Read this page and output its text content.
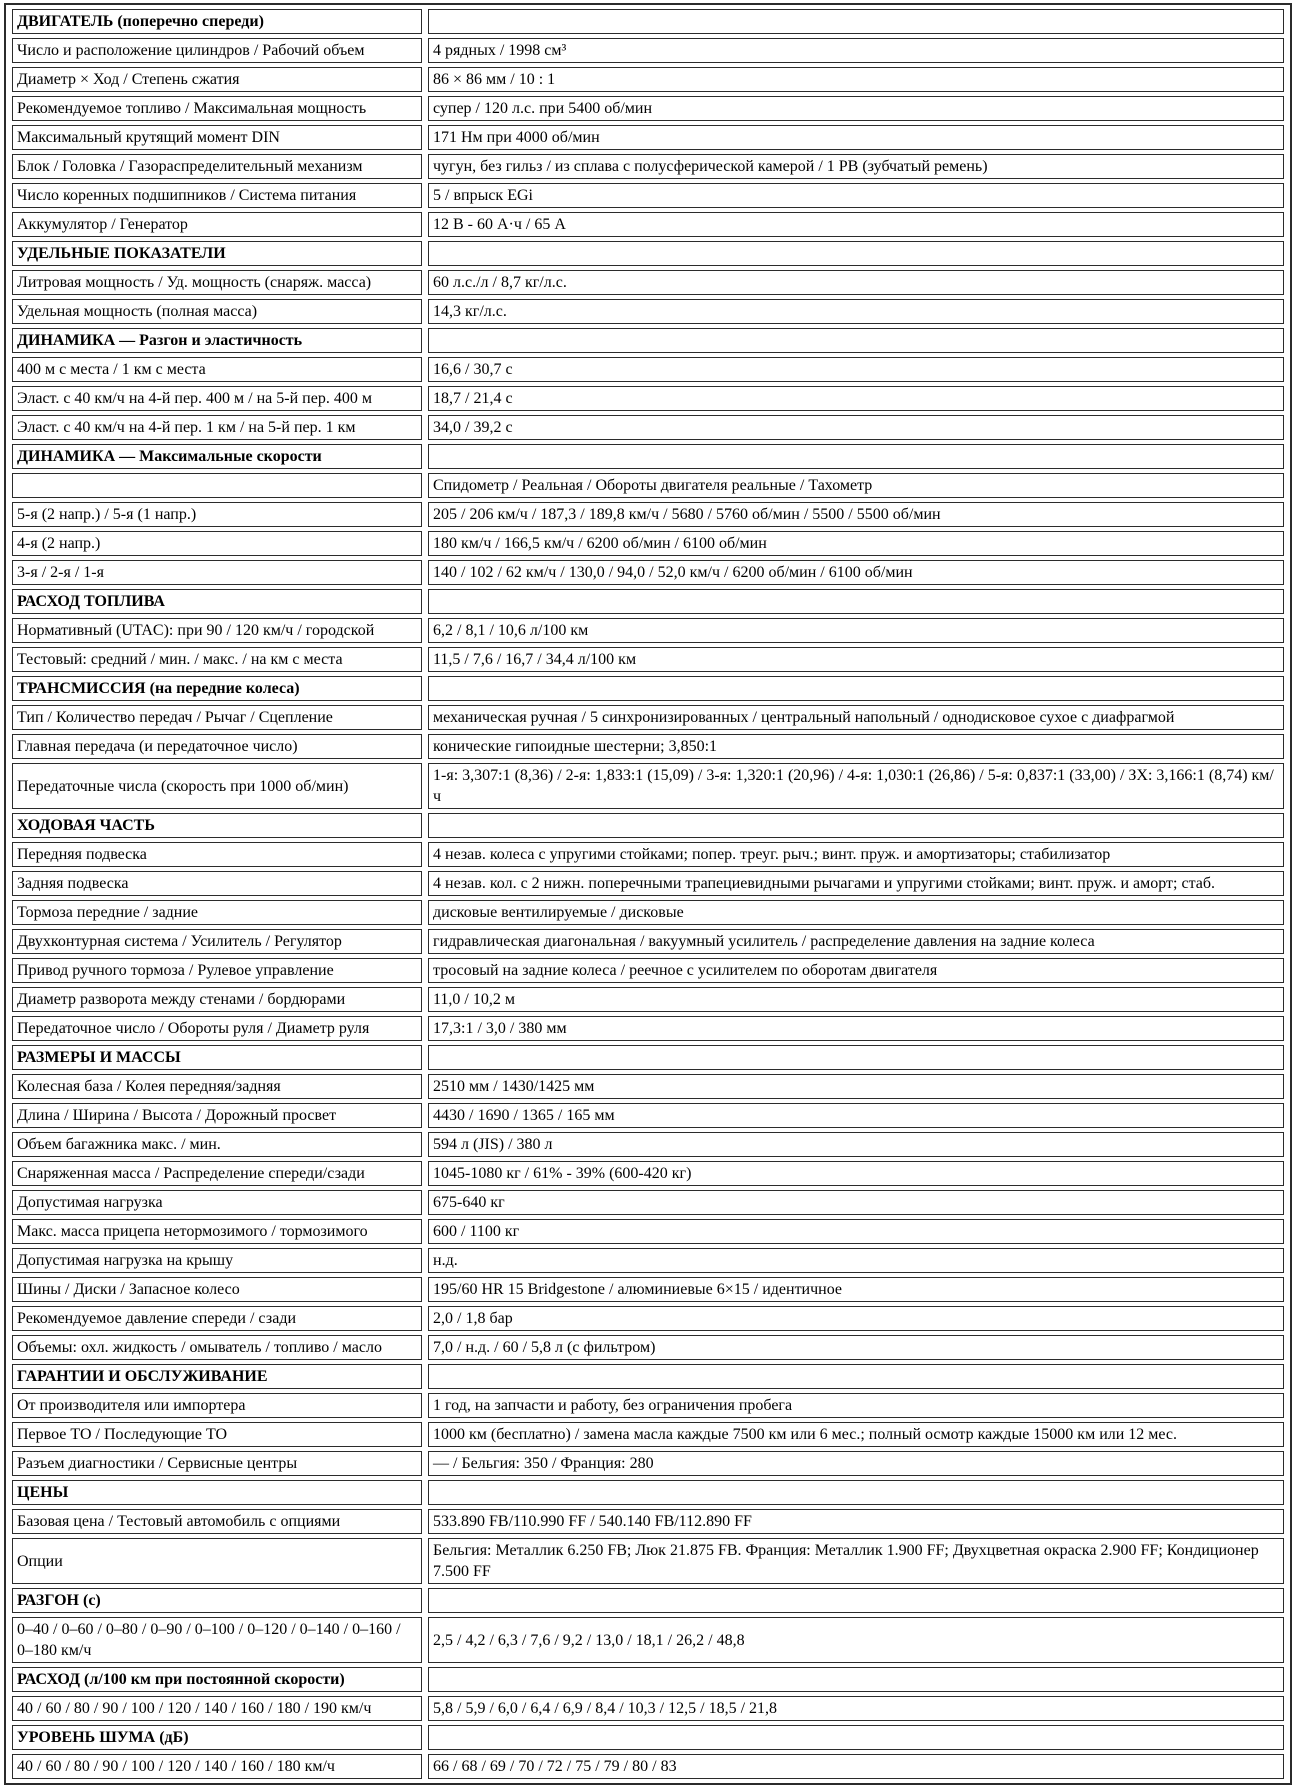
ДВИГАТЕЛЬ (поперечно спереди)	
Число и расположение цилиндров / Рабочий объем	4 рядных / 1998 см³
Диаметр × Ход / Степень сжатия	86 × 86 мм / 10 : 1
Рекомендуемое топливо / Максимальная мощность	супер / 120 л.с. при 5400 об/мин
Максимальный крутящий момент DIN	171 Нм при 4000 об/мин
Блок / Головка / Газораспределительный механизм	чугун, без гильз / из сплава с полусферической камерой / 1 РВ (зубчатый ремень)
Число коренных подшипников / Система питания	5 / впрыск EGi
Аккумулятор / Генератор	12 В - 60 А·ч / 65 А
УДЕЛЬНЫЕ ПОКАЗАТЕЛИ	
Литровая мощность / Уд. мощность (снаряж. масса)	60 л.с./л / 8,7 кг/л.с.
Удельная мощность (полная масса)	14,3 кг/л.с.
ДИНАМИКА — Разгон и эластичность	
400 м с места / 1 км с места	16,6 / 30,7 с
Эласт. с 40 км/ч на 4-й пер. 400 м / на 5-й пер. 400 м	18,7 / 21,4 с
Эласт. с 40 км/ч на 4-й пер. 1 км / на 5-й пер. 1 км	34,0 / 39,2 с
ДИНАМИКА — Максимальные скорости	
	Спидометр / Реальная / Обороты двигателя реальные / Тахометр
5-я (2 напр.) / 5-я (1 напр.)	205 / 206 км/ч / 187,3 / 189,8 км/ч / 5680 / 5760 об/мин / 5500 / 5500 об/мин
4-я (2 напр.)	180 км/ч / 166,5 км/ч / 6200 об/мин / 6100 об/мин
3-я / 2-я / 1-я	140 / 102 / 62 км/ч / 130,0 / 94,0 / 52,0 км/ч / 6200 об/мин / 6100 об/мин
РАСХОД ТОПЛИВА	
Нормативный (UTAC): при 90 / 120 км/ч / городской	6,2 / 8,1 / 10,6 л/100 км
Тестовый: средний / мин. / макс. / на км с места	11,5 / 7,6 / 16,7 / 34,4 л/100 км
ТРАНСМИССИЯ (на передние колеса)	
Тип / Количество передач / Рычаг / Сцепление	механическая ручная / 5 синхронизированных / центральный напольный / однодисковое сухое с диафрагмой
Главная передача (и передаточное число)	конические гипоидные шестерни; 3,850:1
Передаточные числа (скорость при 1000 об/мин)	1-я: 3,307:1 (8,36) / 2-я: 1,833:1 (15,09) / 3-я: 1,320:1 (20,96) / 4-я: 1,030:1 (26,86) / 5-я: 0,837:1 (33,00) / ЗХ: 3,166:1 (8,74) км/ч
ХОДОВАЯ ЧАСТЬ	
Передняя подвеска	4 незав. колеса с упругими стойками; попер. треуг. рыч.; винт. пруж. и амортизаторы; стабилизатор
Задняя подвеска	4 незав. кол. с 2 нижн. поперечными трапециевидными рычагами и упругими стойками; винт. пруж. и аморт; стаб.
Тормоза передние / задние	дисковые вентилируемые / дисковые
Двухконтурная система / Усилитель / Регулятор	гидравлическая диагональная / вакуумный усилитель / распределение давления на задние колеса
Привод ручного тормоза / Рулевое управление	тросовый на задние колеса / реечное с усилителем по оборотам двигателя
Диаметр разворота между стенами / бордюрами	11,0 / 10,2 м
Передаточное число / Обороты руля / Диаметр руля	17,3:1 / 3,0 / 380 мм
РАЗМЕРЫ И МАССЫ	
Колесная база / Колея передняя/задняя	2510 мм / 1430/1425 мм
Длина / Ширина / Высота / Дорожный просвет	4430 / 1690 / 1365 / 165 мм
Объем багажника макс. / мин.	594 л (JIS) / 380 л
Снаряженная масса / Распределение спереди/сзади	1045-1080 кг / 61% - 39% (600-420 кг)
Допустимая нагрузка	675-640 кг
Макс. масса прицепа нетормозимого / тормозимого	600 / 1100 кг
Допустимая нагрузка на крышу	н.д.
Шины / Диски / Запасное колесо	195/60 HR 15 Bridgestone / алюминиевые 6×15 / идентичное
Рекомендуемое давление спереди / сзади	2,0 / 1,8 бар
Объемы: охл. жидкость / омыватель / топливо / масло	7,0 / н.д. / 60 / 5,8 л (с фильтром)
ГАРАНТИИ И ОБСЛУЖИВАНИЕ	
От производителя или импортера	1 год, на запчасти и работу, без ограничения пробега
Первое ТО / Последующие ТО	1000 км (бесплатно) / замена масла каждые 7500 км или 6 мес.; полный осмотр каждые 15000 км или 12 мес.
Разъем диагностики / Сервисные центры	— / Бельгия: 350 / Франция: 280
ЦЕНЫ	
Базовая цена / Тестовый автомобиль с опциями	533.890 FB/110.990 FF / 540.140 FB/112.890 FF
Опции	Бельгия: Металлик 6.250 FB; Люк 21.875 FB. Франция: Металлик 1.900 FF; Двухцветная окраска 2.900 FF; Кондиционер 7.500 FF
РАЗГОН (с)	
0–40 / 0–60 / 0–80 / 0–90 / 0–100 / 0–120 / 0–140 / 0–160 / 0–180 км/ч	2,5 / 4,2 / 6,3 / 7,6 / 9,2 / 13,0 / 18,1 / 26,2 / 48,8
РАСХОД (л/100 км при постоянной скорости)	
40 / 60 / 80 / 90 / 100 / 120 / 140 / 160 / 180 / 190 км/ч	5,8 / 5,9 / 6,0 / 6,4 / 6,9 / 8,4 / 10,3 / 12,5 / 18,5 / 21,8
УРОВЕНЬ ШУМА (дБ)	
40 / 60 / 80 / 90 / 100 / 120 / 140 / 160 / 180 км/ч	66 / 68 / 69 / 70 / 72 / 75 / 79 / 80 / 83
